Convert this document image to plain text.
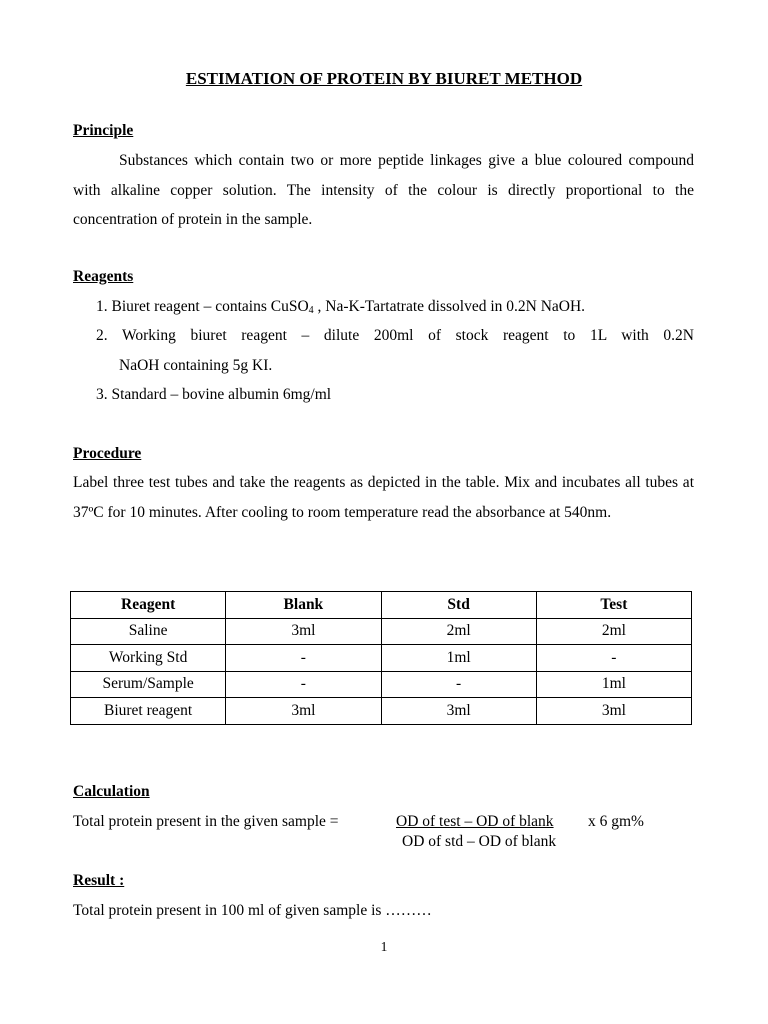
ESTIMATION OF PROTEIN BY BIURET METHOD
Principle

Substances which contain two or more peptide linkages give a blue coloured compound with alkaline copper solution. The intensity of the colour is directly proportional to the concentration of protein in the sample.

Reagents
1. Biuret reagent – contains CuSO$_4$ , Na-K-Tartatrate dissolved in 0.2N NaOH.
2. Working biuret reagent – dilute 200ml of stock reagent to 1L with 0.2N
NaOH containing 5g KI.
3. Standard – bovine albumin 6mg/ml
Procedure

Label three test tubes and take the reagents as depicted in the table. Mix and incubates all tubes at 37ºC for 10 minutes. After cooling to room temperature read the absorbance at 540nm.

Reagent	Blank	Std	Test
Saline	3ml	2ml	2ml
Working Std	-	1ml	-
Serum/Sample	-	-	1ml
Biuret reagent	3ml	3ml	3ml
Calculation
Total protein present in the given sample =	OD of test – OD of blank x 6 gm%
OD of std – OD of blank
Result :
Total protein present in 100 ml of given sample is ………
1
